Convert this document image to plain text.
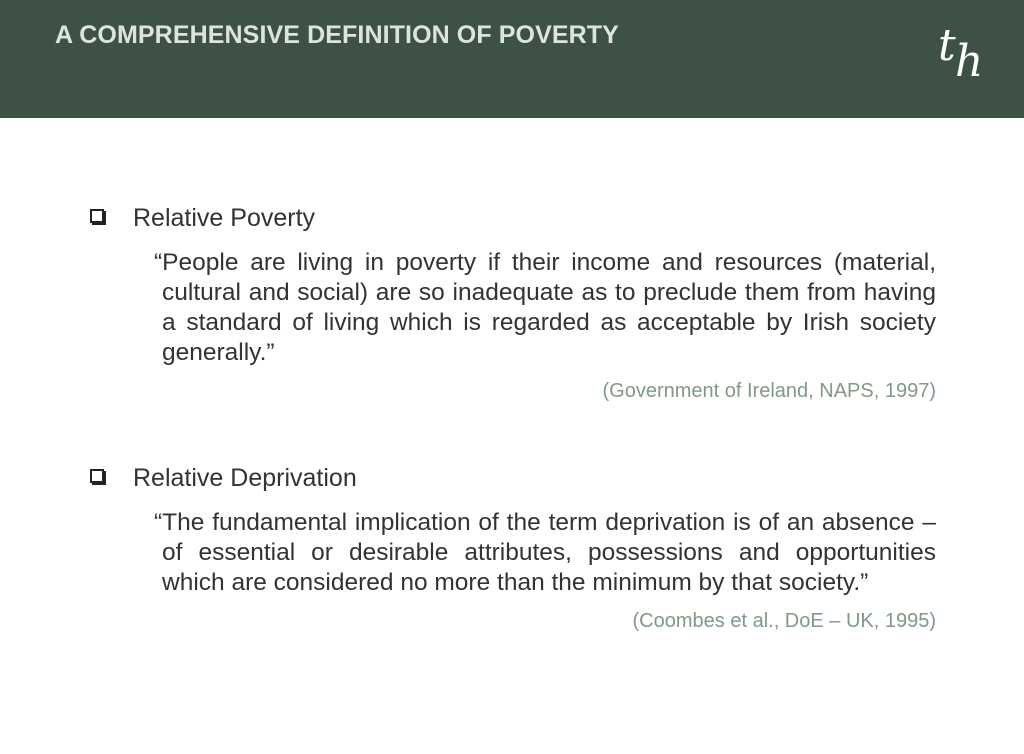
A COMPREHENSIVE DEFINITION OF POVERTY	t h
Relative Poverty

“People are living in poverty if their income and resources (material, cultural and social) are so inadequate as to preclude them from having a standard of living which is regarded as acceptable by Irish society generally.”

(Government of Ireland, NAPS, 1997)
Relative Deprivation

“The fundamental implication of the term deprivation is of an absence – of essential or desirable attributes, possessions and opportunities which are considered no more than the minimum by that society.”

(Coombes et al., DoE – UK, 1995)
